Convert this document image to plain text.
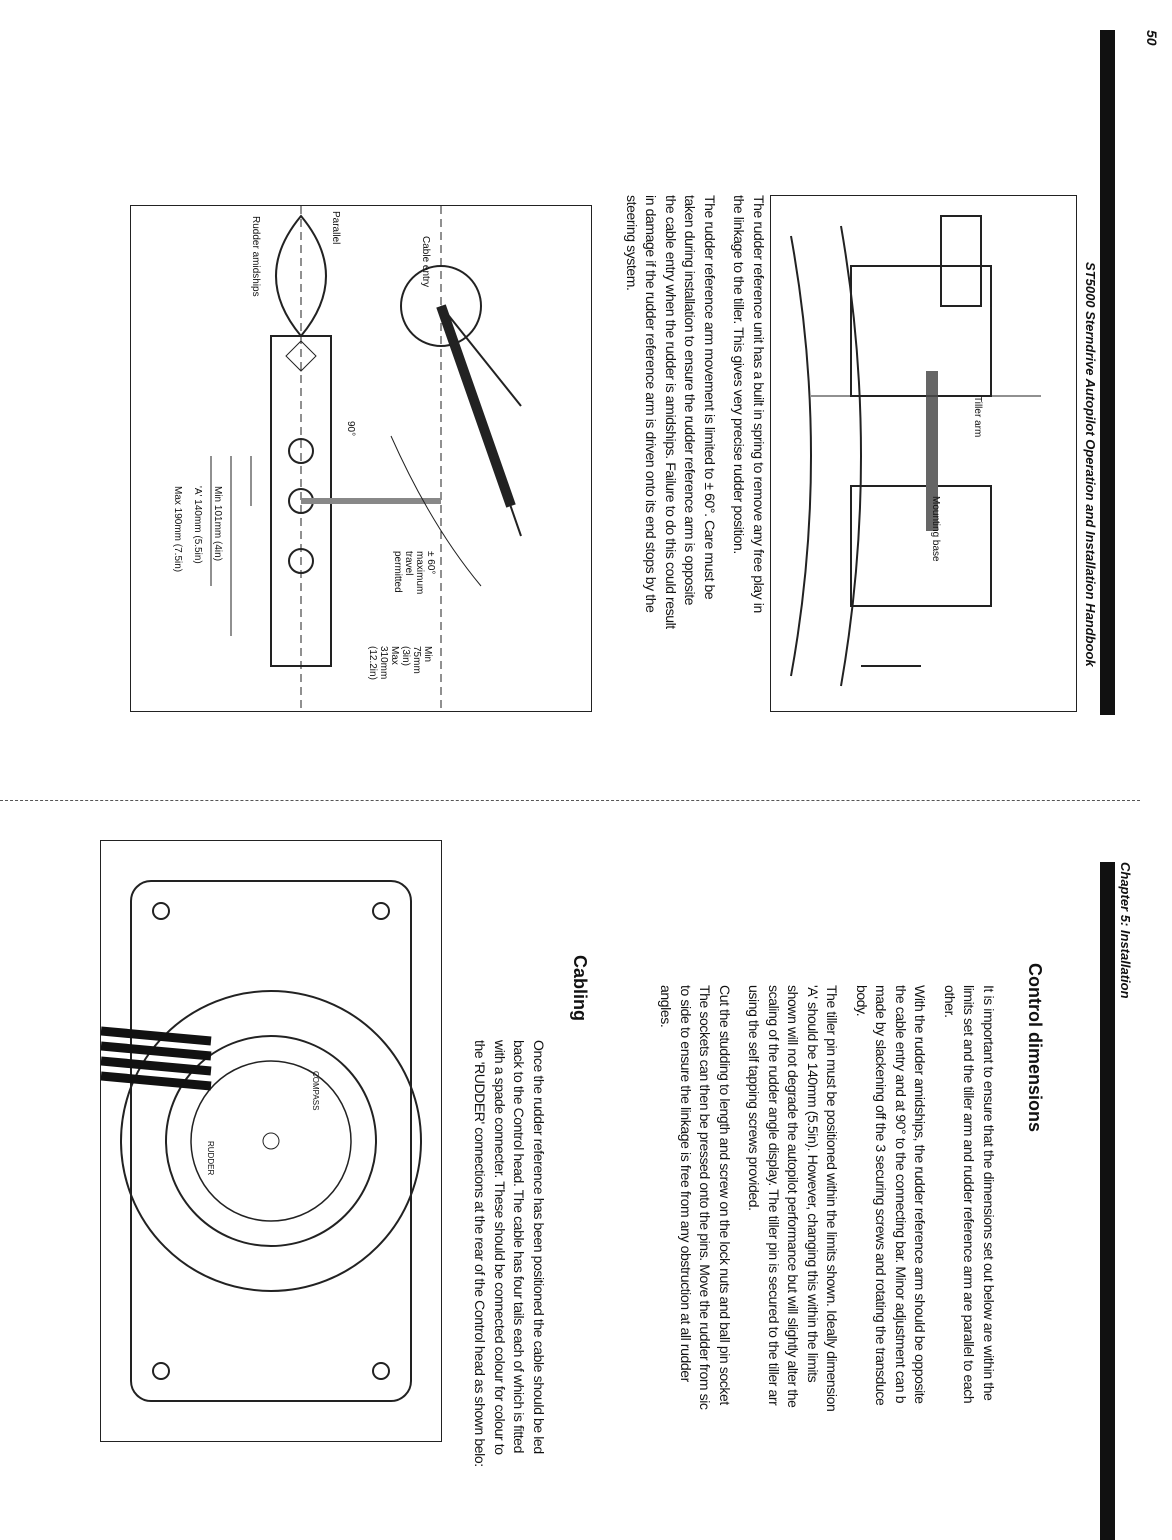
50
ST5000 Sterndrive Autopilot Operation and Installation Handbook
Chapter 5: Installation
Tiller arm
Mounting base
The rudder reference unit has a built in spring to remove any free play in
the linkage to the tiller. This gives very precise rudder position.
The rudder reference arm movement is limited to ± 60°. Care must be
taken during installation to ensure the rudder reference arm is opposite
the cable entry when the rudder is amidships. Failure to do this could result
in damage if the rudder reference arm is driven onto its end stops by the
steering system.
Cable entry
Parallel
Rudder amidships
Min 101mm (4in)
'A' 140mm (5.5in)
Max 190mm (7.5in)
90°
± 60°
maximum
travel
permitted
Min
75mm
(3in)
Max
310mm
(12.2in)
Control dimensions
It is important to ensure that the dimensions set out below are within the
limits set and the tiller arm and rudder reference arm are parallel to each
other.
With the rudder amidships, the rudder reference arm should be opposite
the cable entry and at 90° to the connecting bar. Minor adjustment can b
made by slackening off the 3 securing screws and rotating the transduce
body.
The tiller pin must be positioned within the limits shown. Ideally dimension
'A' should be 140mm (5.5in). However, changing this within the limits
shown will not degrade the autopilot performance but will slightly alter the
scaling of the rudder angle display. The tiller pin is secured to the tiller arr
using the self tapping screws provided.
Cut the studding to length and screw on the lock nuts and ball pin socket
The sockets can then be pressed onto the pins. Move the rudder from sic
to side to ensure the linkage is free from any obstruction at all rudder
angles.
Cabling
Once the rudder reference has been positioned the cable should be led
back to the Control head. The cable has four tails each of which is fitted
with a spade connecter. These should be connected colour for colour to
the 'RUDDER' connections at the rear of the Control head as shown belo:
COMPASS
RUDDER
